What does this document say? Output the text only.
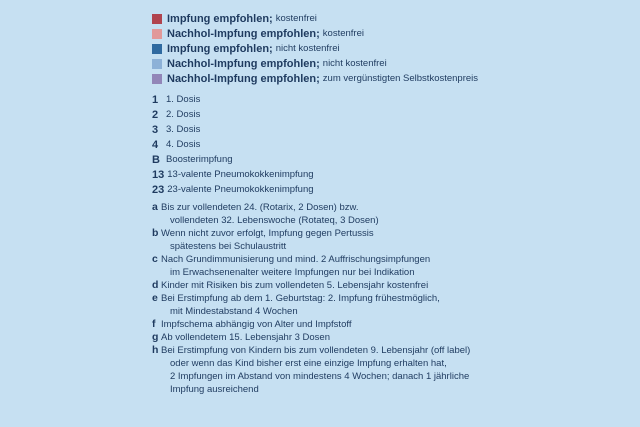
Impfung empfohlen ; kostenfrei
Nachhol-Impfung empfohlen ; kostenfrei
Impfung empfohlen ; nicht kostenfrei
Nachhol-Impfung empfohlen ; nicht kostenfrei
Nachhol-Impfung empfohlen ; zum vergünstigten Selbstkostenpreis
1 1. Dosis
2 2. Dosis
3 3. Dosis
4 4. Dosis
B Boosterimpfung
13 13-valente Pneumokokkenimpfung
23 23-valente Pneumokokkenimpfung
a Bis zur vollendeten 24. (Rotarix, 2 Dosen) bzw.
vollendeten 32. Lebenswoche (Rotateq, 3 Dosen)
b Wenn nicht zuvor erfolgt, Impfung gegen Pertussis
spätestens bei Schulaustritt
c Nach Grundimmunisierung und mind. 2 Auffrischungsimpfungen
im Erwachsenenalter weitere Impfungen nur bei Indikation
d Kinder mit Risiken bis zum vollendeten 5. Lebensjahr kostenfrei
e Bei Erstimpfung ab dem 1. Geburtstag: 2. Impfung frühestmöglich,
mit Mindestabstand 4 Wochen
f Impfschema abhängig von Alter und Impfstoff
g Ab vollendetem 15. Lebensjahr 3 Dosen
h Bei Erstimpfung von Kindern bis zum vollendeten 9. Lebensjahr (off label)
oder wenn das Kind bisher erst eine einzige Impfung erhalten hat,
2 Impfungen im Abstand von mindestens 4 Wochen; danach 1 jährliche
Impfung ausreichend
